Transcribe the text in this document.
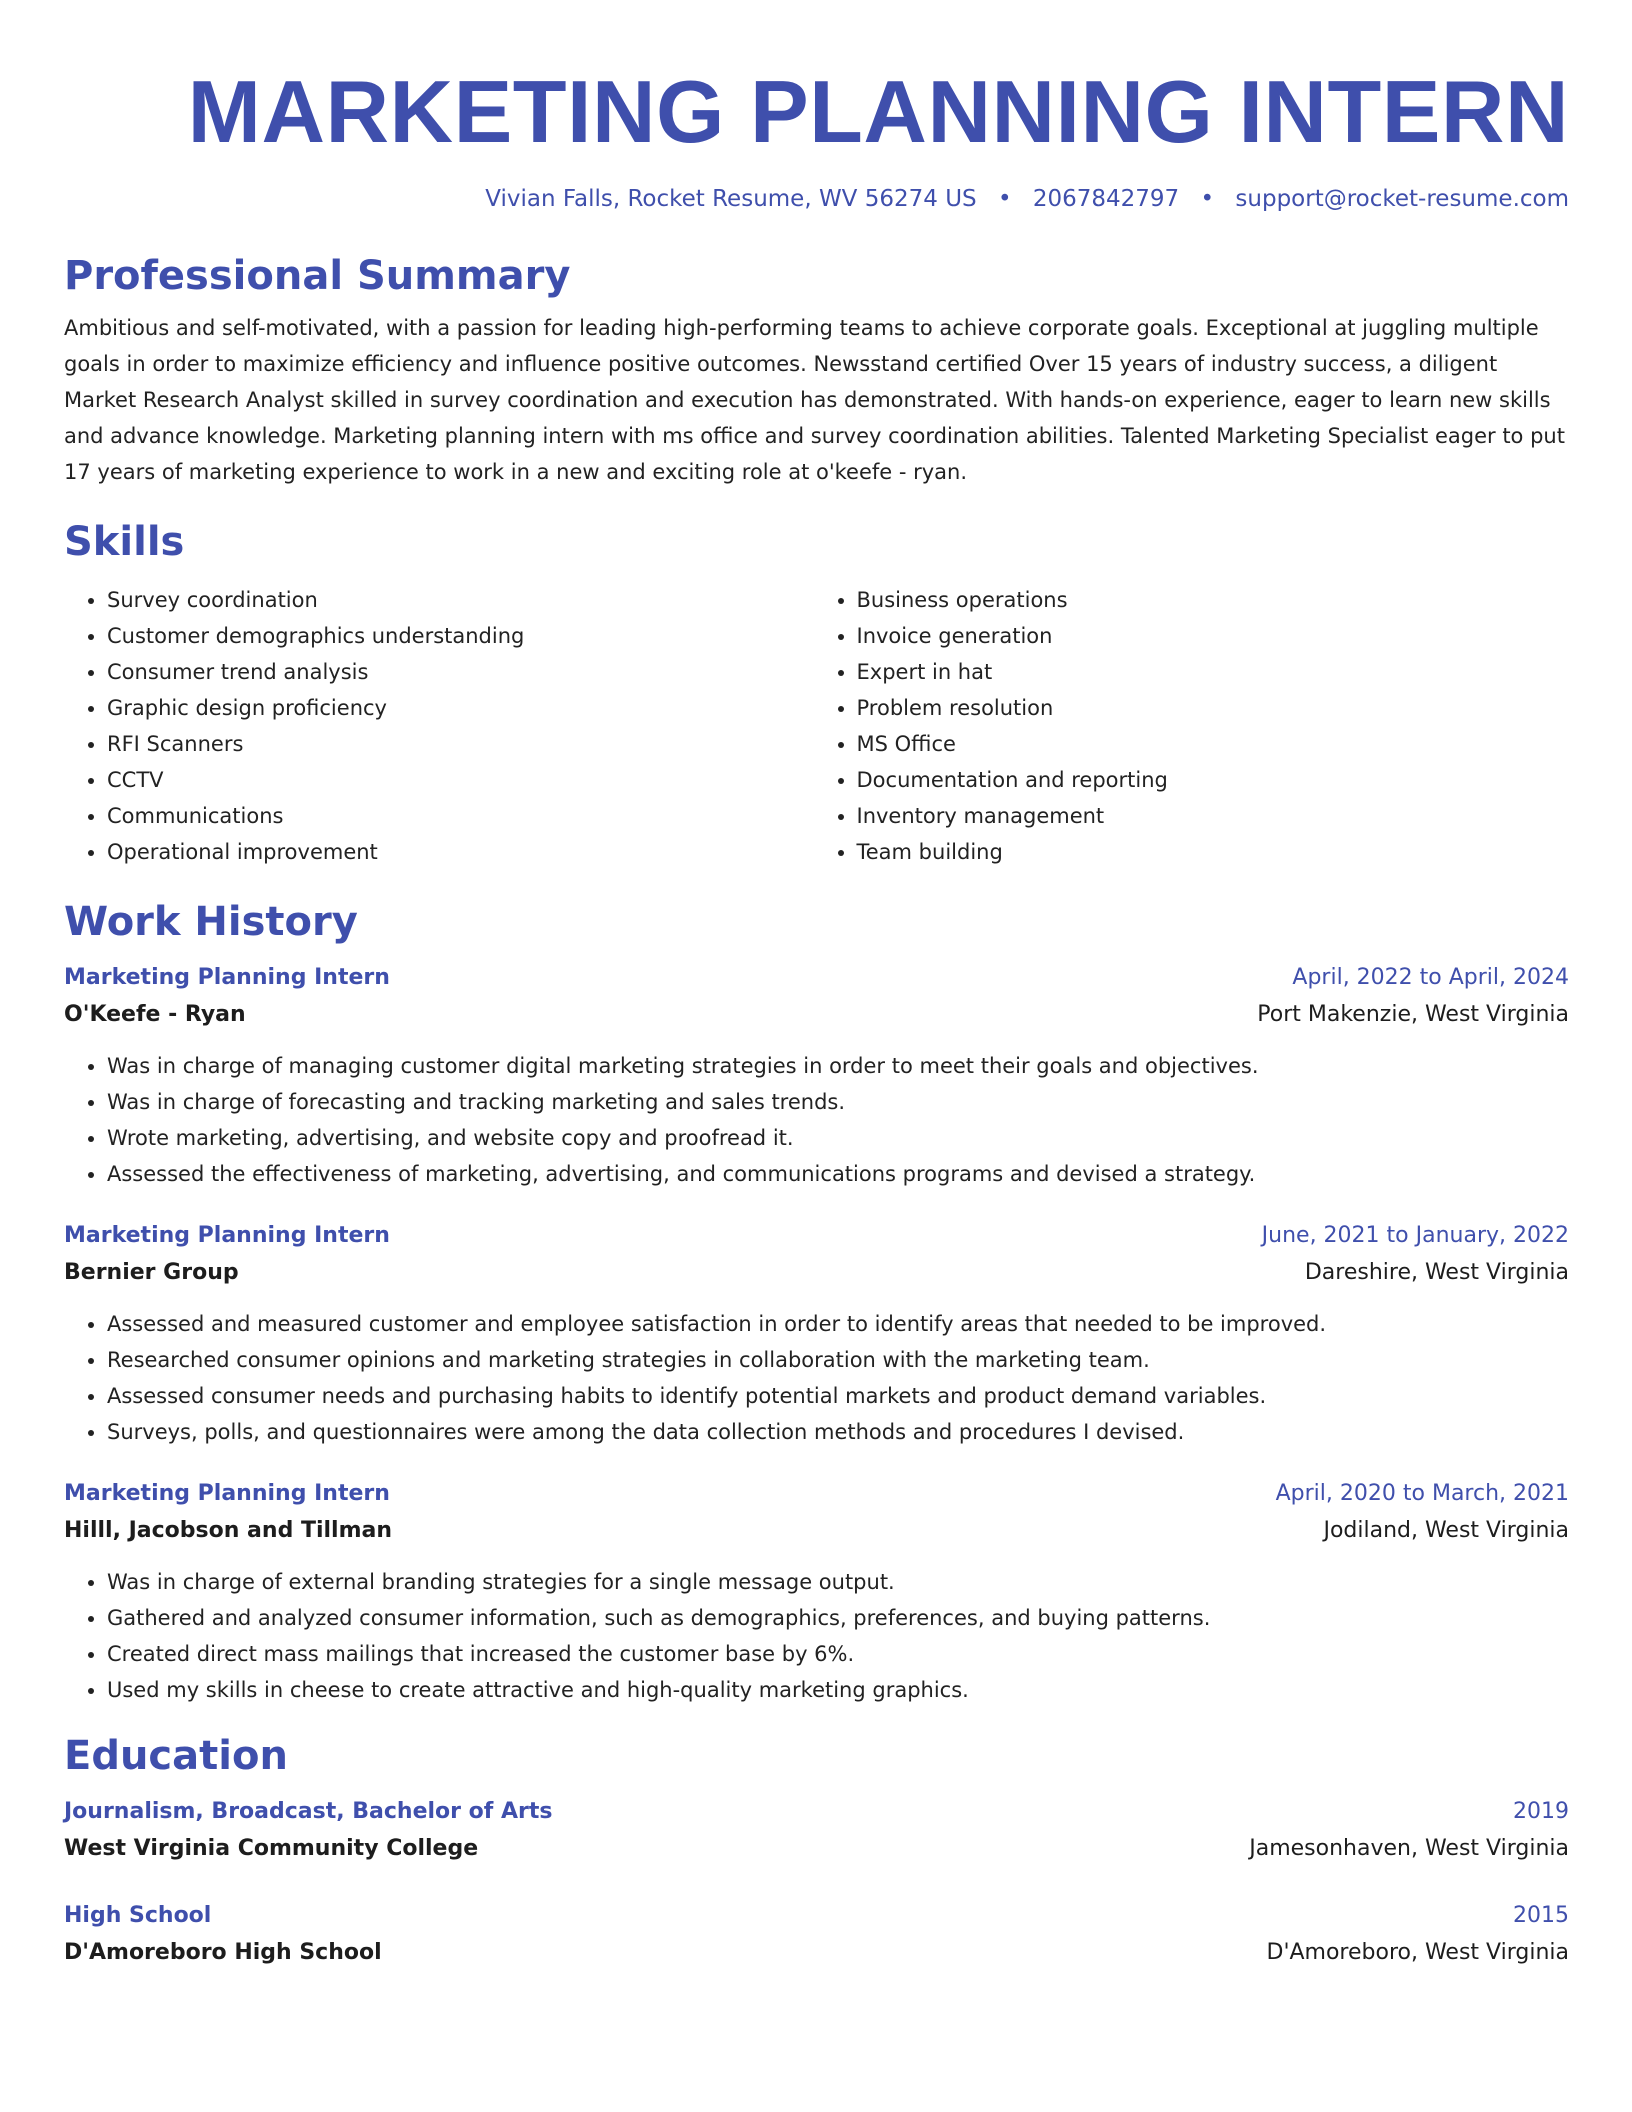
MARKETING PLANNING INTERN
Vivian Falls, Rocket Resume, WV 56274 US • 2067842797 • support@rocket-resume.com
Professional Summary
Ambitious and self-motivated, with a passion for leading high-performing teams to achieve corporate goals. Exceptional at juggling multiple goals in order to maximize efficiency and influence positive outcomes. Newsstand certified Over 15 years of industry success, a diligent Market Research Analyst skilled in survey coordination and execution has demonstrated. With hands-on experience, eager to learn new skills and advance knowledge. Marketing planning intern with ms office and survey coordination abilities. Talented Marketing Specialist eager to put 17 years of marketing experience to work in a new and exciting role at o'keefe - ryan.
Skills
• Survey coordination
• Customer demographics understanding
• Consumer trend analysis
• Graphic design proficiency
• RFI Scanners
• CCTV
• Communications
• Operational improvement
• Business operations
• Invoice generation
• Expert in hat
• Problem resolution
• MS Office
• Documentation and reporting
• Inventory management
• Team building
Work History
Marketing Planning Intern	April, 2022 to April, 2024
O'Keefe - Ryan	Port Makenzie, West Virginia
• Was in charge of managing customer digital marketing strategies in order to meet their goals and objectives.
• Was in charge of forecasting and tracking marketing and sales trends.
• Wrote marketing, advertising, and website copy and proofread it.
• Assessed the effectiveness of marketing, advertising, and communications programs and devised a strategy.
Marketing Planning Intern	June, 2021 to January, 2022
Bernier Group	Dareshire, West Virginia
• Assessed and measured customer and employee satisfaction in order to identify areas that needed to be improved.
• Researched consumer opinions and marketing strategies in collaboration with the marketing team.
• Assessed consumer needs and purchasing habits to identify potential markets and product demand variables.
• Surveys, polls, and questionnaires were among the data collection methods and procedures I devised.
Marketing Planning Intern	April, 2020 to March, 2021
Hilll, Jacobson and Tillman	Jodiland, West Virginia
• Was in charge of external branding strategies for a single message output.
• Gathered and analyzed consumer information, such as demographics, preferences, and buying patterns.
• Created direct mass mailings that increased the customer base by 6%.
• Used my skills in cheese to create attractive and high-quality marketing graphics.
Education
Journalism, Broadcast, Bachelor of Arts	2019
West Virginia Community College	Jamesonhaven, West Virginia
High School	2015
D'Amoreboro High School	D'Amoreboro, West Virginia
